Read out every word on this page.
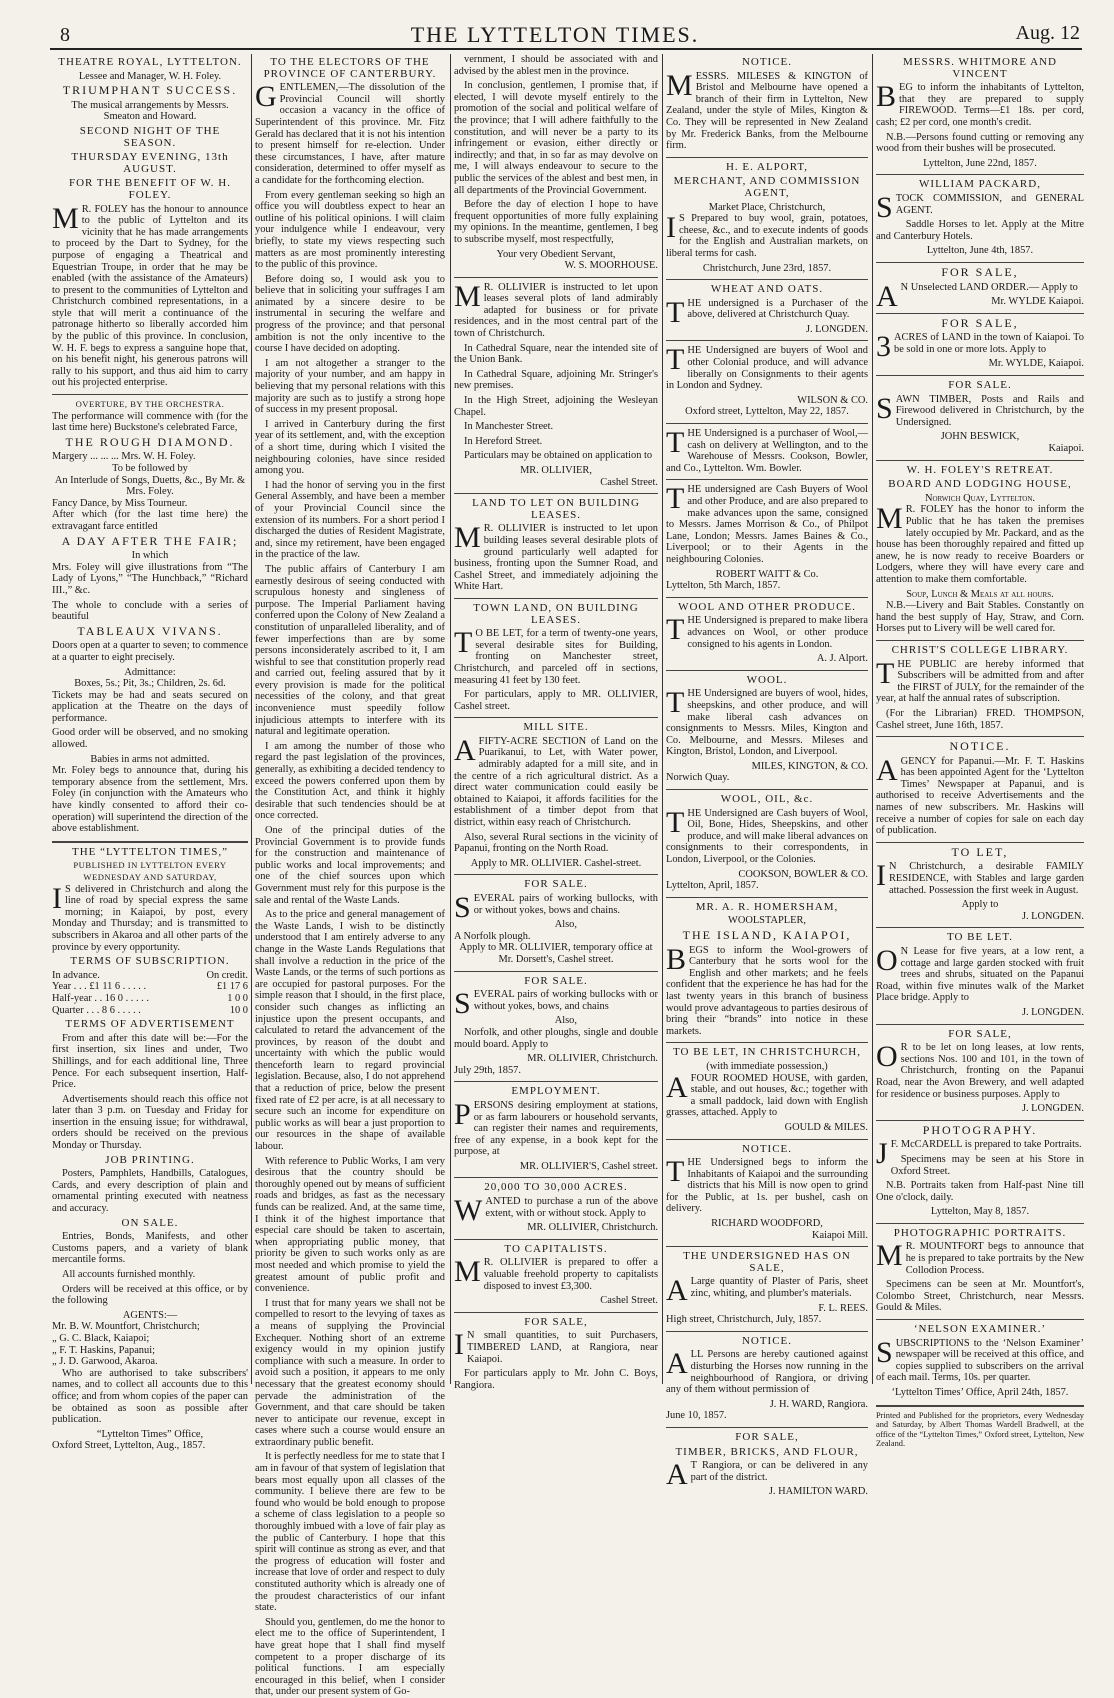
8	THE LYTTELTON TIMES.	Aug. 12
THEATRE ROYAL, LYTTELTON.
Lessee and Manager, W. H. Foley.
TRIUMPHANT SUCCESS.
The musical arrangements by Messrs. Smeaton and Howard.
SECOND NIGHT OF THE SEASON.
THURSDAY EVENING, 13th AUGUST.
FOR THE BENEFIT OF W. H. FOLEY.
M R. FOLEY has the honour to announce to the public of Lyttelton and its vicinity that he has made arrangements to proceed by the Dart to Sydney, for the purpose of engaging a Theatrical and Equestrian Troupe, in order that he may be enabled (with the assistance of the Amateurs) to present to the communities of Lyttelton and Christchurch combined representations, in a style that will merit a continuance of the patronage hitherto so liberally accorded him by the public of this province. In conclusion, W. H. F. begs to express a sanguine hope that, on his benefit night, his generous patrons will rally to his support, and thus aid him to carry out his projected enterprise.
OVERTURE, BY THE ORCHESTRA.
The performance will commence with (for the last time here) Buckstone's celebrated Farce,
THE ROUGH DIAMOND.
Margery ... ... ... Mrs. W. H. Foley.
To be followed by
An Interlude of Songs, Duetts, &c., By Mr. & Mrs. Foley.
Fancy Dance, by Miss Tourneur.
After which (for the last time here) the extravagant farce entitled
A DAY AFTER THE FAIR;
In which
Mrs. Foley will give illustrations from “The Lady of Lyons,” “The Hunchback,” “Richard III.,” &c.
The whole to conclude with a series of beautiful
TABLEAUX VIVANS.
Doors open at a quarter to seven; to commence at a quarter to eight precisely.
Admittance:
Boxes, 5s.; Pit, 3s.; Children, 2s. 6d.
Tickets may be had and seats secured on application at the Theatre on the days of performance.
Good order will be observed, and no smoking allowed.
Babies in arms not admitted.
Mr. Foley begs to announce that, during his temporary absence from the settlement, Mrs. Foley (in conjunction with the Amateurs who have kindly consented to afford their co-operation) will superintend the direction of the above establishment.
THE “LYTTELTON TIMES,”
PUBLISHED IN LYTTELTON EVERY WEDNESDAY AND SATURDAY,
I S delivered in Christchurch and along the line of road by special express the same morning; in Kaiapoi, by post, every Monday and Thursday; and is transmitted to subscribers in Akaroa and all other parts of the province by every opportunity.
TERMS OF SUBSCRIPTION.
In advance.	On credit.
Year . . . £1 11 6 . . . . .	£1 17 6
Half-year . . 16 0 . . . . .	1 0 0
Quarter . . . 8 6 . . . . .	10 0
TERMS OF ADVERTISEMENT

From and after this date will be:—For the first insertion, six lines and under, Two Shillings, and for each additional line, Three Pence. For each subsequent insertion, Half-Price.

Advertisements should reach this office not later than 3 p.m. on Tuesday and Friday for insertion in the ensuing issue; for withdrawal, orders should be received on the previous Monday or Thursday.

JOB PRINTING.

Posters, Pamphlets, Handbills, Catalogues, Cards, and every description of plain and ornamental printing executed with neatness and accuracy.

ON SALE.

Entries, Bonds, Manifests, and other Customs papers, and a variety of blank mercantile forms.

All accounts furnished monthly.

Orders will be received at this office, or by the following

AGENTS:—
Mr. B. W. Mountfort, Christchurch;
„ G. C. Black, Kaiapoi;
„ F. T. Haskins, Papanui;
„ J. D. Garwood, Akaroa.

Who are authorised to take subscribers' names, and to collect all accounts due to this office; and from whom copies of the paper can be obtained as soon as possible after publication.

“Lyttelton Times” Office,
Oxford Street, Lyttelton, Aug., 1857.
TO THE ELECTORS OF THE PROVINCE OF CANTERBURY.
GENTLEMEN,—The dissolution of the Provincial Council will shortly occasion a vacancy in the office of Superintendent of this province. Mr. Fitz Gerald has declared that it is not his intention to present himself for re-election. Under these circumstances, I have, after mature consideration, determined to offer myself as a candidate for the forthcoming election.

From every gentleman seeking so high an office you will doubtless expect to hear an outline of his political opinions. I will claim your indulgence while I endeavour, very briefly, to state my views respecting such matters as are most prominently interesting to the public of this province.

Before doing so, I would ask you to believe that in soliciting your suffrages I am animated by a sincere desire to be instrumental in securing the welfare and progress of the province; and that personal ambition is not the only incentive to the course I have decided on adopting.

I am not altogether a stranger to the majority of your number, and am happy in believing that my personal relations with this majority are such as to justify a strong hope of success in my present proposal.

I arrived in Canterbury during the first year of its settlement, and, with the exception of a short time, during which I visited the neighbouring colonies, have since resided among you.

I had the honor of serving you in the first General Assembly, and have been a member of your Provincial Council since the extension of its numbers. For a short period I discharged the duties of Resident Magistrate, and, since my retirement, have been engaged in the practice of the law.

The public affairs of Canterbury I am earnestly desirous of seeing conducted with scrupulous honesty and singleness of purpose. The Imperial Parliament having conferred upon the Colony of New Zealand a constitution of unparalleled liberality, and of fewer imperfections than are by some persons inconsiderately ascribed to it, I am wishful to see that constitution properly read and carried out, feeling assured that by it every provision is made for the political necessities of the colony, and that great inconvenience must speedily follow injudicious attempts to interfere with its natural and legitimate operation.

I am among the number of those who regard the past legislation of the provinces, generally, as exhibiting a decided tendency to exceed the powers conferred upon them by the Constitution Act, and think it highly desirable that such tendencies should be at once corrected.

One of the principal duties of the Provincial Government is to provide funds for the construction and maintenance of public works and local improvements; and one of the chief sources upon which Government must rely for this purpose is the sale and rental of the Waste Lands.

As to the price and general management of the Waste Lands, I wish to be distinctly understood that I am entirely adverse to any change in the Waste Lands Regulations that shall involve a reduction in the price of the Waste Lands, or the terms of such portions as are occupied for pastoral purposes. For the simple reason that I should, in the first place, consider such changes as inflicting an injustice upon the present occupants, and calculated to retard the advancement of the provinces, by reason of the doubt and uncertainty with which the public would thenceforth learn to regard provincial legislation. Because, also, I do not apprehend that a reduction of price, below the present fixed rate of £2 per acre, is at all necessary to secure such an income for expenditure on public works as will bear a just proportion to our resources in the shape of available labour.

With reference to Public Works, I am very desirous that the country should be thoroughly opened out by means of sufficient roads and bridges, as fast as the necessary funds can be realized. And, at the same time, I think it of the highest importance that especial care should be taken to ascertain, when appropriating public money, that priority be given to such works only as are most needed and which promise to yield the greatest amount of public profit and convenience.

I trust that for many years we shall not be compelled to resort to the levying of taxes as a means of supplying the Provincial Exchequer. Nothing short of an extreme exigency would in my opinion justify compliance with such a measure. In order to avoid such a position, it appears to me only necessary that the greatest economy should pervade the administration of the Government, and that care should be taken never to anticipate our revenue, except in cases where such a course would ensure an extraordinary public benefit.

It is perfectly needless for me to state that I am in favour of that system of legislation that bears most equally upon all classes of the community. I believe there are few to be found who would be bold enough to propose a scheme of class legislation to a people so thoroughly imbued with a love of fair play as the public of Canterbury. I hope that this spirit will continue as strong as ever, and that the progress of education will foster and increase that love of order and respect to duly constituted authority which is already one of the proudest characteristics of our infant state.

Should you, gentlemen, do me the honor to elect me to the office of Superintendent, I have great hope that I shall find myself competent to a proper discharge of its political functions. I am especially encouraged in this belief, when I consider that, under our present system of Go-

vernment, I should be associated with and advised by the ablest men in the province.

In conclusion, gentlemen, I promise that, if elected, I will devote myself entirely to the promotion of the social and political welfare of the province; that I will adhere faithfully to the constitution, and will never be a party to its infringement or evasion, either directly or indirectly; and that, in so far as may devolve on me, I will always endeavour to secure to the public the services of the ablest and best men, in all departments of the Provincial Government.

Before the day of election I hope to have frequent opportunities of more fully explaining my opinions. In the meantime, gentlemen, I beg to subscribe myself, most respectfully,

Your very Obedient Servant,
W. S. MOORHOUSE.
M R. OLLIVIER is instructed to let upon leases several plots of land admirably adapted for business or for private residences, and in the most central part of the town of Christchurch.

In Cathedral Square, near the intended site of the Union Bank.

In Cathedral Square, adjoining Mr. Stringer's new premises.

In the High Street, adjoining the Wesleyan Chapel.

In Manchester Street.

In Hereford Street.

Particulars may be obtained on application to

MR. OLLIVIER,
Cashel Street.
LAND TO LET ON BUILDING LEASES.
M R. OLLIVIER is instructed to let upon building leases several desirable plots of ground particularly well adapted for business, fronting upon the Sumner Road, and Cashel Street, and immediately adjoining the White Hart.
TOWN LAND, ON BUILDING LEASES.
T O BE LET, for a term of twenty-one years, several desirable sites for Building, fronting on Manchester street, Christchurch, and parceled off in sections, measuring 41 feet by 130 feet.

For particulars, apply to MR. OLLIVIER, Cashel street.

MILL SITE.
AFIFTY-ACRE SECTION of Land on the Puarikanui, to Let, with Water power, admirably adapted for a mill site, and in the centre of a rich agricultural district. As a direct water communication could easily be obtained to Kaiapoi, it affords facilities for the establishment of a timber depot from that district, within easy reach of Christchurch.

Also, several Rural sections in the vicinity of Papanui, fronting on the North Road.

Apply to MR. OLLIVIER. Cashel-street.
FOR SALE.
SEVERAL pairs of working bullocks, with or without yokes, bows and chains.
Also,
A Norfolk plough.
Apply to MR. OLLIVIER, temporary office at Mr. Dorsett's, Cashel street.
FOR SALE.
SEVERAL pairs of working bullocks with or without yokes, bows, and chains
Also,

Norfolk, and other ploughs, single and double mould board. Apply to

MR. OLLIVIER, Christchurch.
July 29th, 1857.
EMPLOYMENT.
PERSONS desiring employment at stations, or as farm labourers or household servants, can register their names and requirements, free of any expense, in a book kept for the purpose, at
MR. OLLIVIER'S, Cashel street.
20,000 TO 30,000 ACRES.
WANTED to purchase a run of the above extent, with or without stock. Apply to
MR. OLLIVIER, Christchurch.
TO CAPITALISTS.
M R. OLLIVIER is prepared to offer a valuable freehold property to capitalists disposed to invest £3,300.
Cashel Street.
FOR SALE,
I N small quantities, to suit Purchasers, TIMBERED LAND, at Rangiora, near Kaiapoi.

For particulars apply to Mr. John C. Boys, Rangiora.

NOTICE.
MESSRS. MILESES & KINGTON of Bristol and Melbourne have opened a branch of their firm in Lyttelton, New Zealand, under the style of Miles, Kington & Co. They will be represented in New Zealand by Mr. Frederick Banks, from the Melbourne firm.
H. E. ALPORT,
MERCHANT, AND COMMISSION AGENT,
Market Place, Christchurch,
I S Prepared to buy wool, grain, potatoes, cheese, &c., and to execute indents of goods for the English and Australian markets, on liberal terms for cash.
Christchurch, June 23rd, 1857.
WHEAT AND OATS.
THE undersigned is a Purchaser of the above, delivered at Christchurch Quay.
J. LONGDEN.
THE Undersigned are buyers of Wool and other Colonial produce, and will advance liberally on Consignments to their agents in London and Sydney.
WILSON & CO.
Oxford street, Lyttelton, May 22, 1857.
THE Undersigned is a purchaser of Wool,—cash on delivery at Wellington, and to the Warehouse of Messrs. Cookson, Bowler, and Co., Lyttelton. Wm. Bowler.
THE undersigned are Cash Buyers of Wool and other Produce, and are also prepared to make advances upon the same, consigned to Messrs. James Morrison & Co., of Philpot Lane, London; Messrs. James Baines & Co., Liverpool; or to their Agents in the neighbouring Colonies.
ROBERT WAITT & Co.
Lyttelton, 5th March, 1857.
WOOL AND OTHER PRODUCE.
THE Undersigned is prepared to make libera advances on Wool, or other produce consigned to his agents in London.
A. J. Alport.
WOOL.
THE Undersigned are buyers of wool, hides, sheepskins, and other produce, and will make liberal cash advances on consignments to Messrs. Miles, Kington and Co. Melbourne, and Messrs. Mileses and Kington, Bristol, London, and Liverpool.
MILES, KINGTON, & CO.
Norwich Quay.
WOOL, OIL, &c.
THE Undersigned are Cash buyers of Wool, Oil, Bone, Hides, Sheepskins, and other produce, and will make liberal advances on consignments to their correspondents, in London, Liverpool, or the Colonies.
COOKSON, BOWLER & CO.
Lyttelton, April, 1857.
MR. A. R. HOMERSHAM,
WOOLSTAPLER,
THE ISLAND, KAIAPOI,
BEGS to inform the Wool-growers of Canterbury that he sorts wool for the English and other markets; and he feels confident that the experience he has had for the last twenty years in this branch of business would prove advantageous to parties desirous of bring their “brands” into notice in these markets.
TO BE LET, IN CHRISTCHURCH,
(with immediate possession,)
AFOUR ROOMED HOUSE, with garden, stable, and out houses, &c.; together with a small paddock, laid down with English grasses, attached. Apply to
GOULD & MILES.
NOTICE.
THE Undersigned begs to inform the Inhabitants of Kaiapoi and the surrounding districts that his Mill is now open to grind for the Public, at 1s. per bushel, cash on delivery.
RICHARD WOODFORD,
Kaiapoi Mill.
THE UNDERSIGNED HAS ON SALE,
A Large quantity of Plaster of Paris, sheet zinc, whiting, and plumber's materials.
F. L. REES.
High street, Christchurch, July, 1857.
NOTICE.
ALL Persons are hereby cautioned against disturbing the Horses now running in the neighbourhood of Rangiora, or driving any of them without permission of
J. H. WARD, Rangiora.
June 10, 1857.
FOR SALE,
TIMBER, BRICKS, AND FLOUR,
A T Rangiora, or can be delivered in any part of the district.
J. HAMILTON WARD.
MESSRS. WHITMORE AND VINCENT
BEG to inform the inhabitants of Lyttelton, that they are prepared to supply FIREWOOD. Terms—£1 18s. per cord, cash; £2 per cord, one month's credit.

N.B.—Persons found cutting or removing any wood from their bushes will be prosecuted.

Lyttelton, June 22nd, 1857.
WILLIAM PACKARD,
STOCK COMMISSION, and GENERAL AGENT.

Saddle Horses to let. Apply at the Mitre and Canterbury Hotels.

Lyttelton, June 4th, 1857.
FOR SALE,
A N Unselected LAND ORDER.— Apply to
Mr. WYLDE Kaiapoi.
FOR SALE,
3 ACRES of LAND in the town of Kaiapoi. To be sold in one or more lots. Apply to
Mr. WYLDE, Kaiapoi.
FOR SALE.
SAWN TIMBER, Posts and Rails and Firewood delivered in Christchurch, by the Undersigned.
JOHN BESWICK,
Kaiapoi.
W. H. FOLEY'S RETREAT.
BOARD AND LODGING HOUSE,
Norwich Quay, Lyttelton.
M R. FOLEY has the honor to inform the Public that he has taken the premises lately occupied by Mr. Packard, and as the house has been thoroughly repaired and fitted up anew, he is now ready to receive Boarders or Lodgers, where they will have every care and attention to make them comfortable.
Soup, Lunch & Meals at all hours.

N.B.—Livery and Bait Stables. Constantly on hand the best supply of Hay, Straw, and Corn. Horses put to Livery will be well cared for.

CHRIST'S COLLEGE LIBRARY.
THE PUBLIC are hereby informed that Subscribers will be admitted from and after the FIRST of JULY, for the remainder of the year, at half the annual rates of subscription.

(For the Librarian) FRED. THOMPSON, Cashel street, June 16th, 1857.

NOTICE.
AGENCY for Papanui.—Mr. F. T. Haskins has been appointed Agent for the ‘Lyttelton Times’ Newspaper at Papanui, and is authorised to receive Advertisements and the names of new subscribers. Mr. Haskins will receive a number of copies for sale on each day of publication.
TO LET,
I N Christchurch, a desirable FAMILY RESIDENCE, with Stables and large garden attached. Possession the first week in August.
Apply to
J. LONGDEN.
TO BE LET.
O N Lease for five years, at a low rent, a cottage and large garden stocked with fruit trees and shrubs, situated on the Papanui Road, within five minutes walk of the Market Place bridge. Apply to
J. LONGDEN.
FOR SALE,
O R to be let on long leases, at low rents, sections Nos. 100 and 101, in the town of Christchurch, fronting on the Papanui Road, near the Avon Brewery, and well adapted for residence or business purposes. Apply to
J. LONGDEN.
PHOTOGRAPHY.
J F. McCARDELL is prepared to take Portraits.

Specimens may be seen at his Store in Oxford Street.

N.B. Portraits taken from Half-past Nine till One o'clock, daily.

Lyttelton, May 8, 1857.
PHOTOGRAPHIC PORTRAITS.
M R. MOUNTFORT begs to announce that he is prepared to take portraits by the New Collodion Process.

Specimens can be seen at Mr. Mountfort's, Colombo Street, Christchurch, near Messrs. Gould & Miles.

‘NELSON EXAMINER.’
SUBSCRIPTIONS to the ‘Nelson Examiner’ newspaper will be received at this office, and copies supplied to subscribers on the arrival of each mail. Terms, 10s. per quarter.
‘Lyttelton Times’ Office, April 24th, 1857.
Printed and Published for the proprietors, every Wednesday and Saturday, by Albert Thomas Wardell Bradwell, at the office of the “Lyttelton Times,” Oxford street, Lyttelton, New Zealand.
